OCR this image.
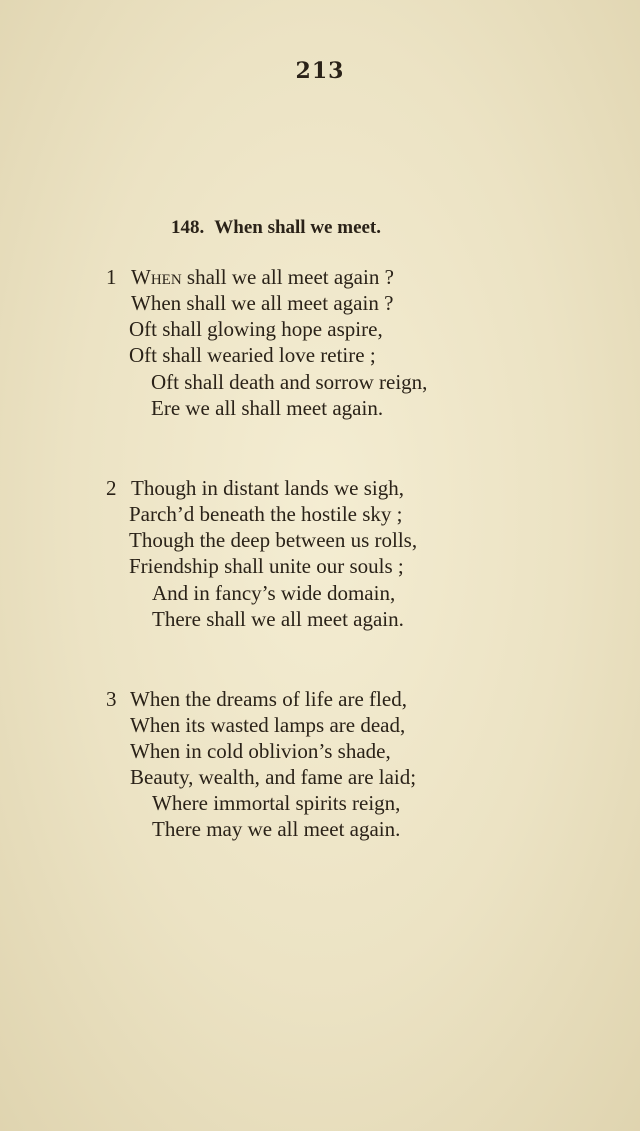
213
148. When shall we meet.
1 When shall we all meet again ?
When shall we all meet again ?
Oft shall glowing hope aspire,
Oft shall wearied love retire ;
Oft shall death and sorrow reign,
Ere we all shall meet again.
2 Though in distant lands we sigh,
Parch’d beneath the hostile sky ;
Though the deep between us rolls,
Friendship shall unite our souls ;
And in fancy’s wide domain,
There shall we all meet again.
3 When the dreams of life are fled,
When its wasted lamps are dead,
When in cold oblivion’s shade,
Beauty, wealth, and fame are laid;
Where immortal spirits reign,
There may we all meet again.
